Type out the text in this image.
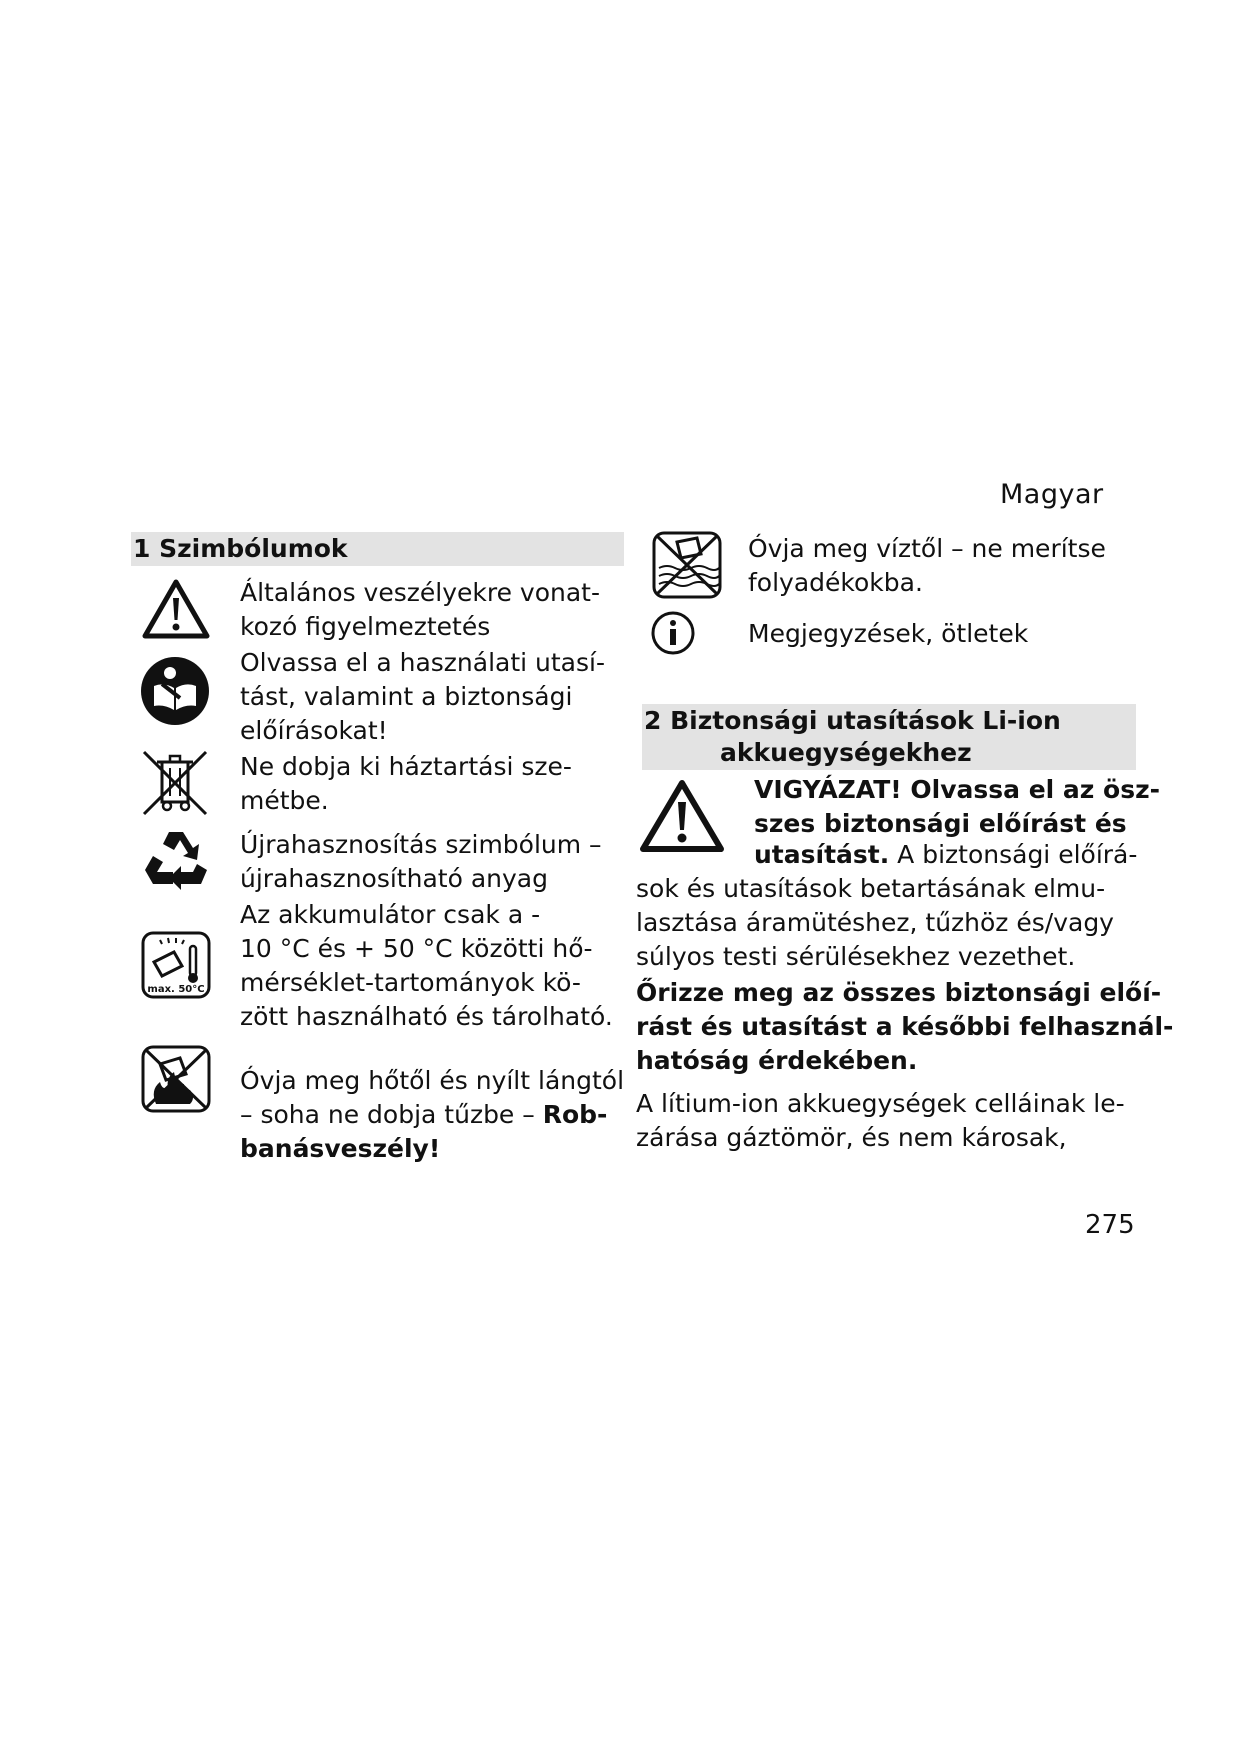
Magyar
1 Szimbólumok
Általános veszélyekre vonat-
kozó figyelmeztetés
Olvassa el a használati utasí-
tást, valamint a biztonsági
előírásokat!
Ne dobja ki háztartási sze-
métbe.
Újrahasznosítás szimbólum –
újrahasznosítható anyag
max. 50°C
Az akkumulátor csak a -
10 °C és + 50 °C közötti hő-
mérséklet-tartományok kö-
zött használható és tárolható.

Óvja meg hőtől és nyílt lángtól
– soha ne dobja tűzbe – Rob-
banásveszély!

Óvja meg víztől – ne merítse
folyadékokba.
Megjegyzések, ötletek
2 Biztonsági utasítások Li-ion
akkuegységekhez
VIGYÁZAT! Olvassa el az ösz-
szes biztonsági előírást és
utasítást. A biztonsági előírá-
sok és utasítások betartásának elmu-
lasztása áramütéshez, tűzhöz és/vagy
súlyos testi sérülésekhez vezethet.
Őrizze meg az összes biztonsági előí-
rást és utasítást a későbbi felhasznál-
hatóság érdekében.
A lítium-ion akkuegységek celláinak le-
zárása gáztömör, és nem károsak,
275
